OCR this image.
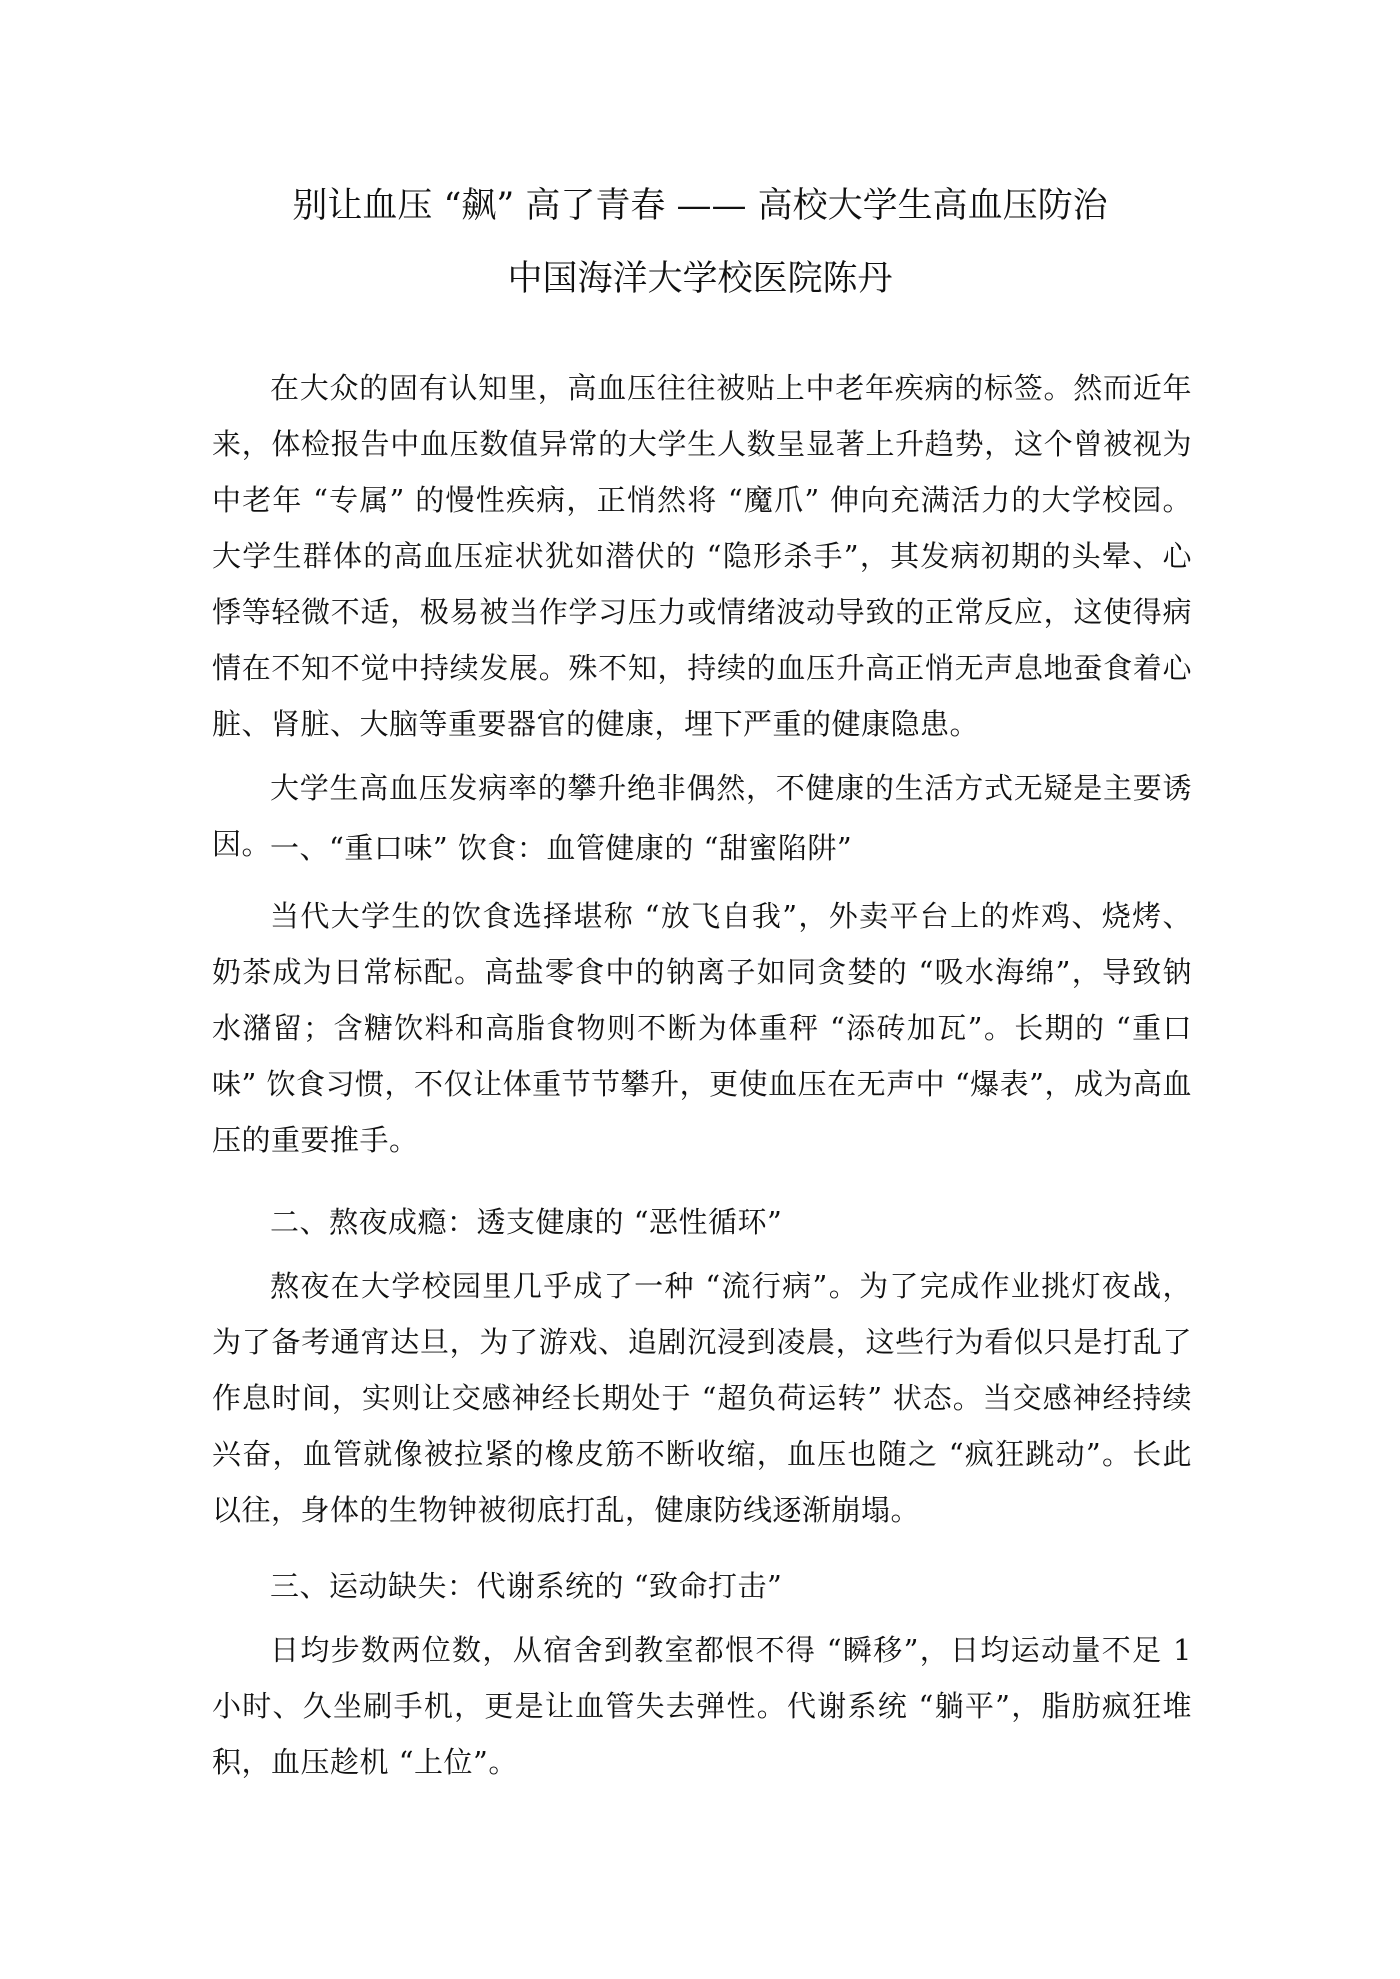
别让血压 “飙” 高了青春 —— 高校大学生高血压防治
中国海洋大学校医院陈丹

在大众的固有认知里，高血压往往被贴上中老年疾病的标签。然而近年来，体检报告中血压数值异常的大学生人数呈显著上升趋势，这个曾被视为中老年 “专属” 的慢性疾病，正悄然将 “魔爪” 伸向充满活力的大学校园。大学生群体的高血压症状犹如潜伏的 “隐形杀手”，其发病初期的头晕、心悸等轻微不适，极易被当作学习压力或情绪波动导致的正常反应，这使得病情在不知不觉中持续发展。殊不知，持续的血压升高正悄无声息地蚕食着心脏、肾脏、大脑等重要器官的健康，埋下严重的健康隐患。

大学生高血压发病率的攀升绝非偶然，不健康的生活方式无疑是主要诱因。

一、“重口味” 饮食：血管健康的 “甜蜜陷阱”

当代大学生的饮食选择堪称 “放飞自我”，外卖平台上的炸鸡、烧烤、奶茶成为日常标配。高盐零食中的钠离子如同贪婪的 “吸水海绵”，导致钠水潴留；含糖饮料和高脂食物则不断为体重秤 “添砖加瓦”。长期的 “重口味” 饮食习惯，不仅让体重节节攀升，更使血压在无声中 “爆表”，成为高血压的重要推手。

二、熬夜成瘾：透支健康的 “恶性循环”

熬夜在大学校园里几乎成了一种 “流行病”。为了完成作业挑灯夜战，为了备考通宵达旦，为了游戏、追剧沉浸到凌晨，这些行为看似只是打乱了作息时间，实则让交感神经长期处于 “超负荷运转” 状态。当交感神经持续兴奋，血管就像被拉紧的橡皮筋不断收缩，血压也随之 “疯狂跳动”。长此以往，身体的生物钟被彻底打乱，健康防线逐渐崩塌。

三、运动缺失：代谢系统的 “致命打击”

日均步数两位数，从宿舍到教室都恨不得 “瞬移”，日均运动量不足 1 小时、久坐刷手机，更是让血管失去弹性。代谢系统 “躺平”，脂肪疯狂堆积，血压趁机 “上位”。
